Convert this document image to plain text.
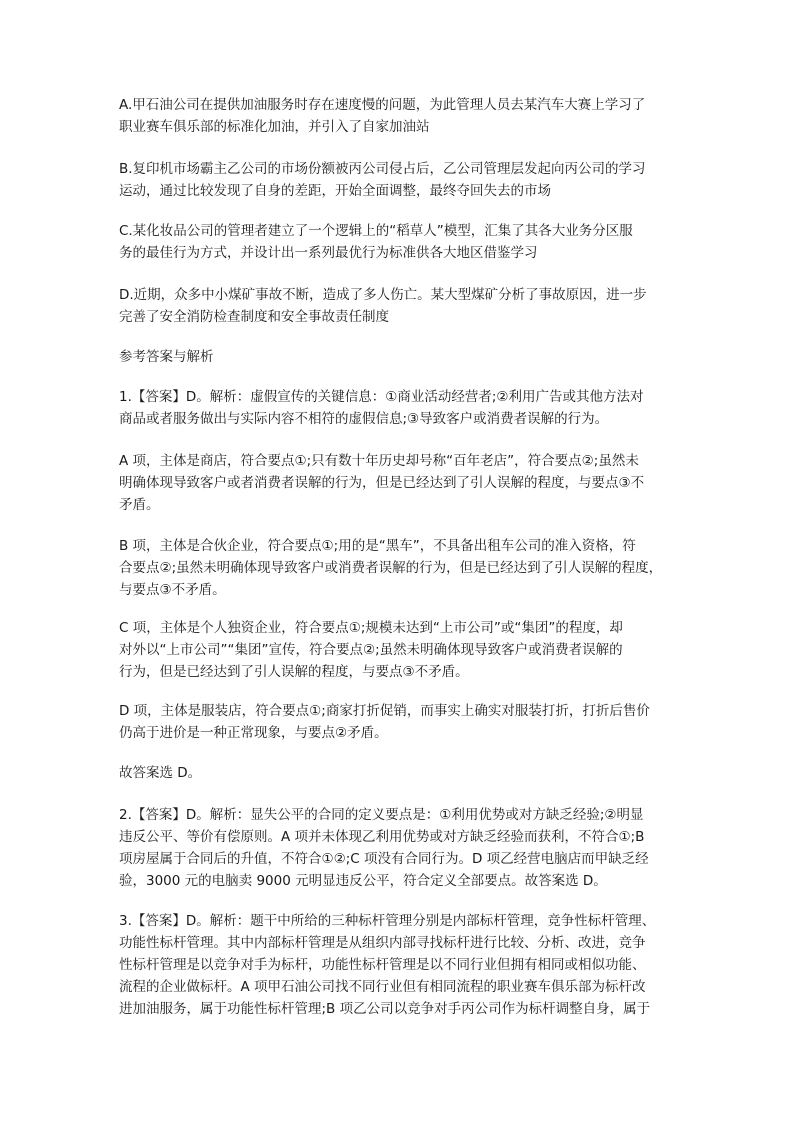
A.甲石油公司在提供加油服务时存在速度慢的问题，为此管理人员去某汽车大赛上学习了
职业赛车俱乐部的标准化加油，并引入了自家加油站

B.复印机市场霸主乙公司的市场份额被丙公司侵占后，乙公司管理层发起向丙公司的学习
运动，通过比较发现了自身的差距，开始全面调整，最终夺回失去的市场

C.某化妆品公司的管理者建立了一个逻辑上的“稻草人”模型，汇集了其各大业务分区服
务的最佳行为方式，并设计出一系列最优行为标准供各大地区借鉴学习

D.近期，众多中小煤矿事故不断，造成了多人伤亡。某大型煤矿分析了事故原因，进一步
完善了安全消防检查制度和安全事故责任制度

参考答案与解析

1.【答案】D。解析：虚假宣传的关键信息：①商业活动经营者;②利用广告或其他方法对
商品或者服务做出与实际内容不相符的虚假信息;③导致客户或消费者误解的行为。

A 项，主体是商店，符合要点①;只有数十年历史却号称“百年老店”，符合要点②;虽然未
明确体现导致客户或者消费者误解的行为，但是已经达到了引人误解的程度，与要点③不
矛盾。

B 项，主体是合伙企业，符合要点①;用的是“黑车”，不具备出租车公司的准入资格，符
合要点②;虽然未明确体现导致客户或消费者误解的行为，但是已经达到了引人误解的程度，
与要点③不矛盾。

C 项，主体是个人独资企业，符合要点①;规模未达到“上市公司”或“集团”的程度，却
对外以“上市公司”“集团”宣传，符合要点②;虽然未明确体现导致客户或消费者误解的
行为，但是已经达到了引人误解的程度，与要点③不矛盾。

D 项，主体是服装店，符合要点①;商家打折促销，而事实上确实对服装打折，打折后售价
仍高于进价是一种正常现象，与要点②矛盾。

故答案选 D。

2.【答案】D。解析：显失公平的合同的定义要点是：①利用优势或对方缺乏经验;②明显
违反公平、等价有偿原则。A 项并未体现乙利用优势或对方缺乏经验而获利，不符合①;B
项房屋属于合同后的升值，不符合①②;C 项没有合同行为。D 项乙经营电脑店而甲缺乏经
验，3000 元的电脑卖 9000 元明显违反公平，符合定义全部要点。故答案选 D。

3.【答案】D。解析：题干中所给的三种标杆管理分别是内部标杆管理，竞争性标杆管理、
功能性标杆管理。其中内部标杆管理是从组织内部寻找标杆进行比较、分析、改进，竞争
性标杆管理是以竞争对手为标杆，功能性标杆管理是以不同行业但拥有相同或相似功能、
流程的企业做标杆。A 项甲石油公司找不同行业但有相同流程的职业赛车俱乐部为标杆改
进加油服务，属于功能性标杆管理;B 项乙公司以竞争对手丙公司作为标杆调整自身，属于
